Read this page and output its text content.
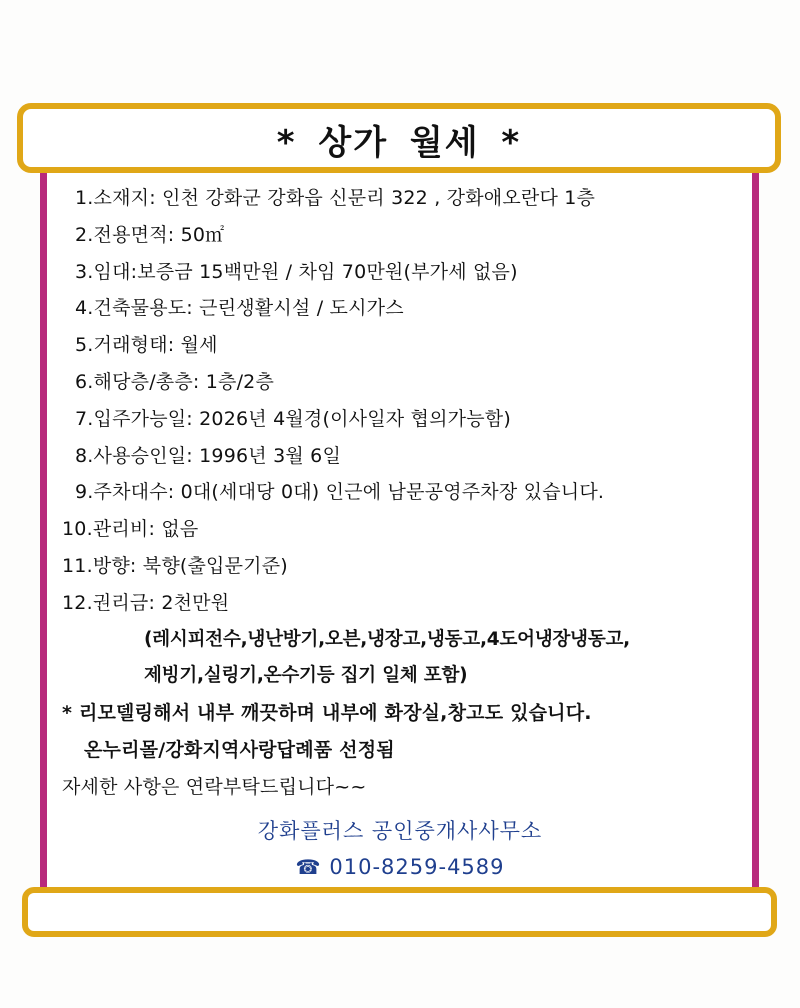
* 상가 월세 *
1.소재지: 인천 강화군 강화읍 신문리 322 , 강화애오란다 1층
2.전용면적: 50㎡
3.임대:보증금 15백만원 / 차임 70만원(부가세 없음)
4.건축물용도: 근린생활시설 / 도시가스
5.거래형태: 월세
6.해당층/총층: 1층/2층
7.입주가능일: 2026년 4월경(이사일자 협의가능함)
8.사용승인일: 1996년 3월 6일
9.주차대수: 0대(세대당 0대) 인근에 남문공영주차장 있습니다.
10.관리비: 없음
11.방향: 북향(출입문기준)
12.권리금: 2천만원
(레시피전수,냉난방기,오븐,냉장고,냉동고,4도어냉장냉동고,
제빙기,실링기,온수기등 집기 일체 포함)
* 리모델링해서 내부 깨끗하며 내부에 화장실,창고도 있습니다.
온누리몰/강화지역사랑답례품 선정됨
자세한 사항은 연락부탁드립니다~~
강화플러스 공인중개사사무소
☎ 010-8259-4589
